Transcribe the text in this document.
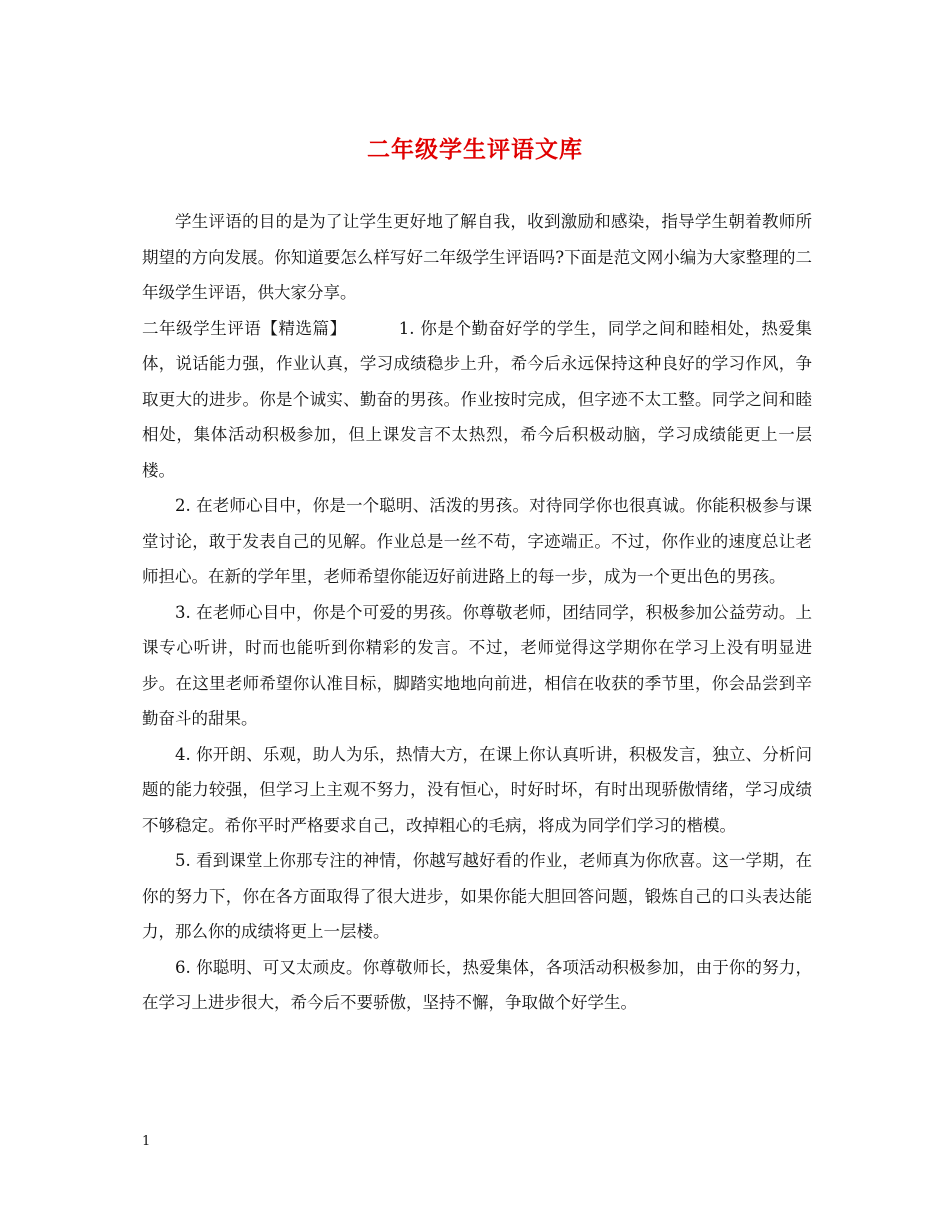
二年级学生评语文库

学生评语的目的是为了让学生更好地了解自我，收到激励和感染，指导学生朝着教师所期望的方向发展。你知道要怎么样写好二年级学生评语吗?下面是范文网小编为大家整理的二年级学生评语，供大家分享。

二年级学生评语【精选篇】	1. 你是个勤奋好学的学生，同学之间和睦相处，热爱集体，说话能力强，作业认真，学习成绩稳步上升，希今后永远保持这种良好的学习作风，争取更大的进步。你是个诚实、勤奋的男孩。作业按时完成，但字迹不太工整。同学之间和睦相处，集体活动积极参加，但上课发言不太热烈，希今后积极动脑，学习成绩能更上一层楼。

2. 在老师心目中，你是一个聪明、活泼的男孩。对待同学你也很真诚。你能积极参与课堂讨论，敢于发表自己的见解。作业总是一丝不苟，字迹端正。不过，你作业的速度总让老师担心。在新的学年里，老师希望你能迈好前进路上的每一步，成为一个更出色的男孩。

3. 在老师心目中，你是个可爱的男孩。你尊敬老师，团结同学，积极参加公益劳动。上课专心听讲，时而也能听到你精彩的发言。不过，老师觉得这学期你在学习上没有明显进步。在这里老师希望你认准目标，脚踏实地地向前进，相信在收获的季节里，你会品尝到辛勤奋斗的甜果。

4. 你开朗、乐观，助人为乐，热情大方，在课上你认真听讲，积极发言，独立、分析问题的能力较强，但学习上主观不努力，没有恒心，时好时坏，有时出现骄傲情绪，学习成绩不够稳定。希你平时严格要求自己，改掉粗心的毛病，将成为同学们学习的楷模。

5. 看到课堂上你那专注的神情，你越写越好看的作业，老师真为你欣喜。这一学期，在你的努力下，你在各方面取得了很大进步，如果你能大胆回答问题，锻炼自己的口头表达能力，那么你的成绩将更上一层楼。

6. 你聪明、可又太顽皮。你尊敬师长，热爱集体，各项活动积极参加，由于你的努力，在学习上进步很大，希今后不要骄傲，坚持不懈，争取做个好学生。

1
